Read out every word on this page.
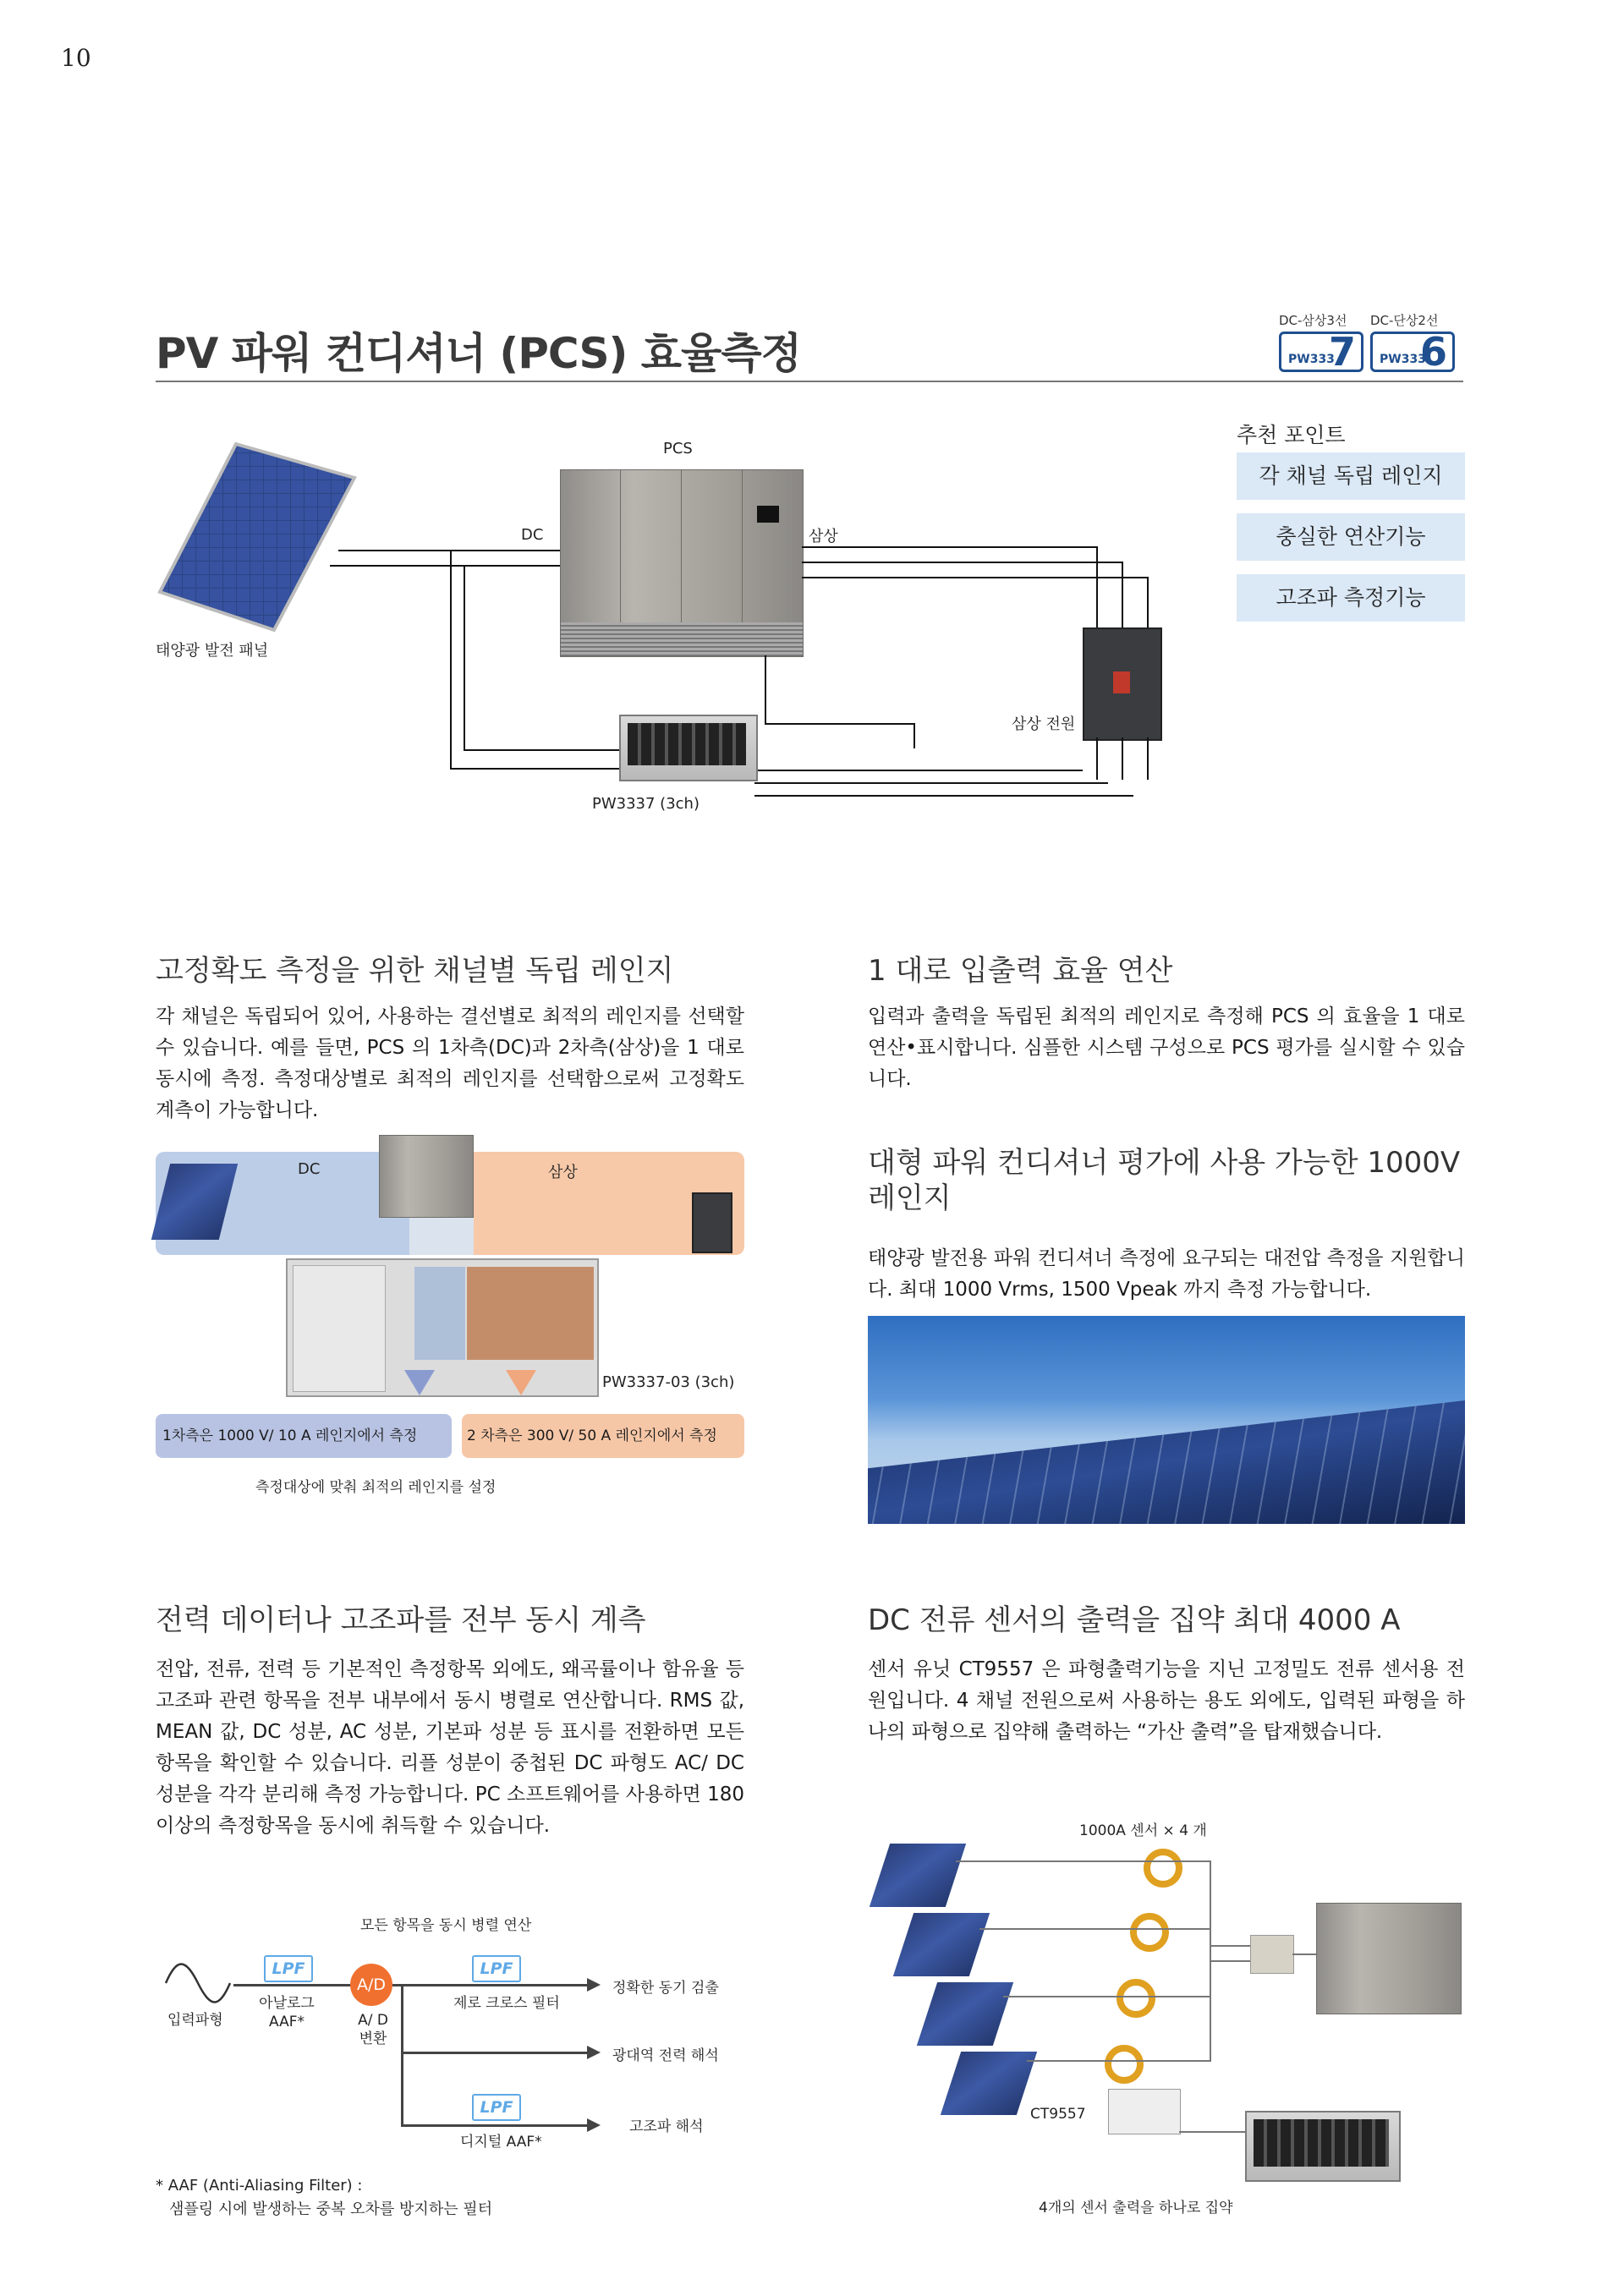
10
PV 파워 컨디셔너 (PCS) 효율측정
DC-삼상3선 DC-단상2선
PW333
7 PW333
6
추천 포인트
각 채널 독립 레인지
충실한 연산기능
고조파 측정기능
태양광 발전 패널
PCS
DC	삼상
PW3337 (3ch)
삼상 전원
고정확도 측정을 위한 채널별 독립 레인지
각 채널은 독립되어 있어, 사용하는 결선별로 최적의 레인지를 선택할 수 있습니다. 예를 들면, PCS 의 1차측(DC)과 2차측(삼상)을 1 대로 동시에 측정. 측정대상별로 최적의 레인지를 선택함으로써 고정확도 계측이 가능합니다.
DC	삼상
PW3337-03 (3ch)
1차측은 1000 V/ 10 A 레인지에서 측정	2 차측은 300 V/ 50 A 레인지에서 측정
측정대상에 맞춰 최적의 레인지를 설정
1 대로 입출력 효율 연산
입력과 출력을 독립된 최적의 레인지로 측정해 PCS 의 효율을 1 대로 연산•표시합니다. 심플한 시스템 구성으로 PCS 평가를 실시할 수 있습니다.
대형 파워 컨디셔너 평가에 사용 가능한 1000V
레인지
태양광 발전용 파워 컨디셔너 측정에 요구되는 대전압 측정을 지원합니다. 최대 1000 Vrms, 1500 Vpeak 까지 측정 가능합니다.
전력 데이터나 고조파를 전부 동시 계측
전압, 전류, 전력 등 기본적인 측정항목 외에도, 왜곡률이나 함유율 등 고조파 관련 항목을 전부 내부에서 동시 병렬로 연산합니다. RMS 값, MEAN 값, DC 성분, AC 성분, 기본파 성분 등 표시를 전환하면 모든 항목을 확인할 수 있습니다. 리플 성분이 중첩된 DC 파형도 AC/ DC 성분을 각각 분리해 측정 가능합니다. PC 소프트웨어를 사용하면 180 이상의 측정항목을 동시에 취득할 수 있습니다.
모든 항목을 동시 병렬 연산
입력파형
LPF
아날로그
AAF*
A/D
A/ D
변환
LPF
제로 크로스 필터
정확한 동기 검출
광대역 전력 해석
LPF
디지털 AAF*
고조파 해석
* AAF (Anti-Aliasing Filter) :
샘플링 시에 발생하는 중복 오차를 방지하는 필터
DC 전류 센서의 출력을 집약 최대 4000 A
센서 유닛 CT9557 은 파형출력기능을 지닌 고정밀도 전류 센서용 전원입니다. 4 채널 전원으로써 사용하는 용도 외에도, 입력된 파형을 하나의 파형으로 집약해 출력하는 “가산 출력”을 탑재했습니다.
1000A 센서 × 4 개
CT9557
4개의 센서 출력을 하나로 집약
